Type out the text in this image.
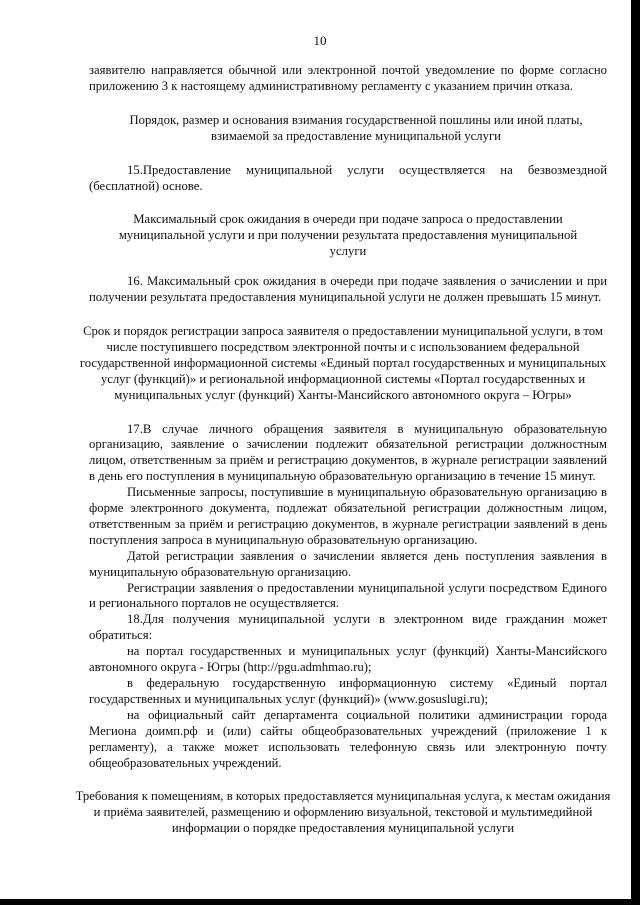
10

заявителю направляется обычной или электронной почтой уведомление по форме согласно приложению 3 к настоящему административному регламенту с указанием причин отказа.

Порядок, размер и основания взимания государственной пошлины или иной платы, взимаемой за предоставление муниципальной услуги

15.Предоставление муниципальной услуги осуществляется на безвозмездной (бесплатной) основе.

Максимальный срок ожидания в очереди при подаче запроса о предоставлении муниципальной услуги и при получении результата предоставления муниципальной услуги

16. Максимальный срок ожидания в очереди при подаче заявления о зачислении и при получении результата предоставления муниципальной услуги не должен превышать 15 минут.

Срок и порядок регистрации запроса заявителя о предоставлении муниципальной услуги, в том числе поступившего посредством электронной почты и с использованием федеральной государственной информационной системы «Единый портал государственных и муниципальных услуг (функций)» и региональной информационной системы «Портал государственных и муниципальных услуг (функций) Ханты-Мансийского автономного округа – Югры»

17.В случае личного обращения заявителя в муниципальную образовательную организацию, заявление о зачислении подлежит обязательной регистрации должностным лицом, ответственным за приём и регистрацию документов, в журнале регистрации заявлений в день его поступления в муниципальную образовательную организацию в течение 15 минут.

Письменные запросы, поступившие в муниципальную образовательную организацию в форме электронного документа, подлежат обязательной регистрации должностным лицом, ответственным за приём и регистрацию документов, в журнале регистрации заявлений в день поступления запроса в муниципальную образовательную организацию.

Датой регистрации заявления о зачислении является день поступления заявления в муниципальную образовательную организацию.

Регистрации заявления о предоставлении муниципальной услуги посредством Единого и регионального порталов не осуществляется.

18.Для получения муниципальной услуги в электронном виде гражданин может обратиться:

на портал государственных и муниципальных услуг (функций) Ханты-Мансийского автономного округа - Югры (http://pgu.admhmao.ru);

в федеральную государственную информационную систему «Единый портал государственных и муниципальных услуг (функций)» (www.gosuslugi.ru);

на официальный сайт департамента социальной политики администрации города Мегиона доимп.рф и (или) сайты общеобразовательных учреждений (приложение 1 к регламенту), а также может использовать телефонную связь или электронную почту общеобразовательных учреждений.

Требования к помещениям, в которых предоставляется муниципальная услуга, к местам ожидания и приёма заявителей, размещению и оформлению визуальной, текстовой и мультимедийной информации о порядке предоставления муниципальной услуги
